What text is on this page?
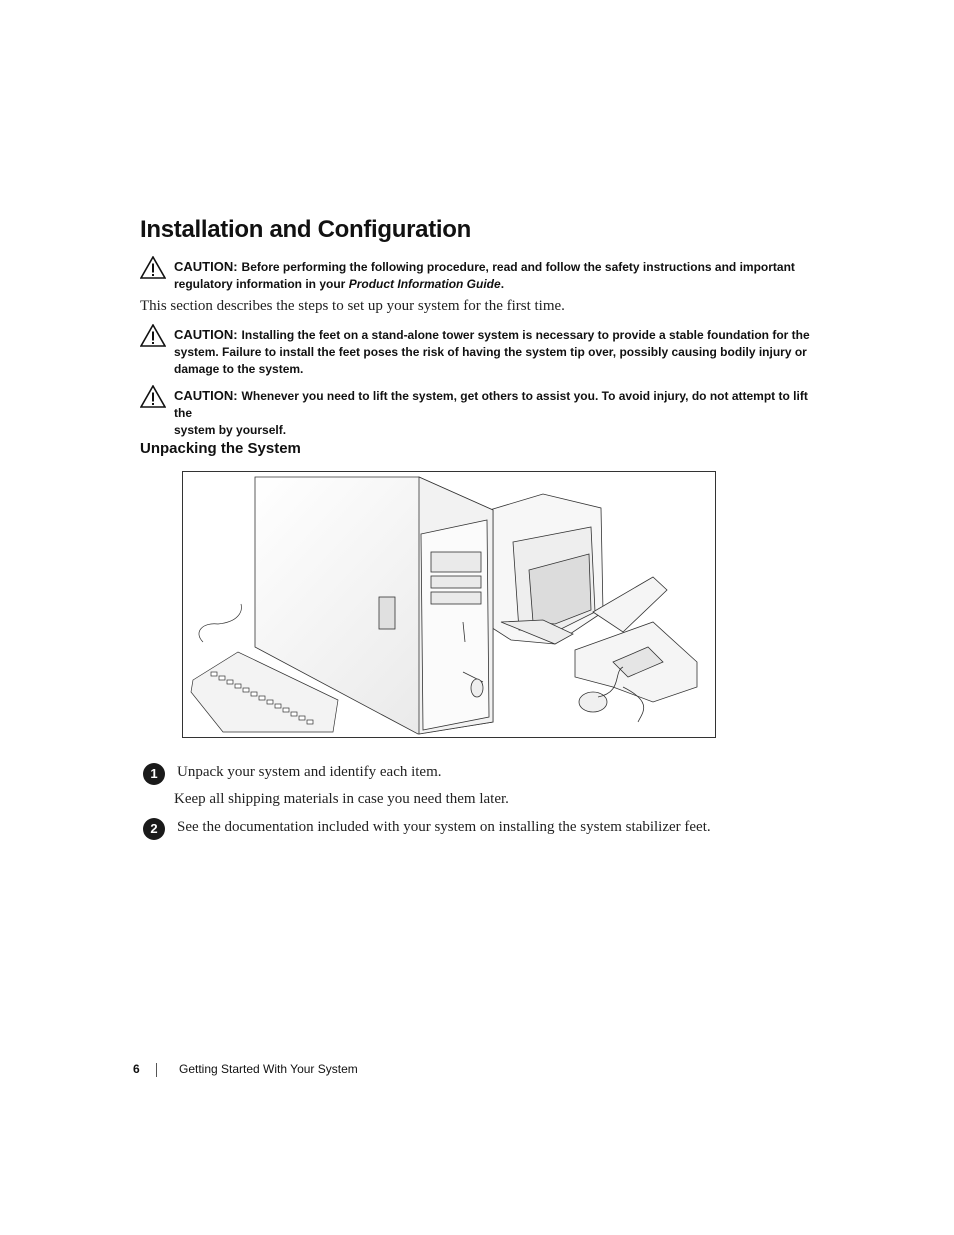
Installation and Configuration
CAUTION: Before performing the following procedure, read and follow the safety instructions and important
regulatory information in your Product Information Guide.
This section describes the steps to set up your system for the first time.
CAUTION: Installing the feet on a stand-alone tower system is necessary to provide a stable foundation for the
system. Failure to install the feet poses the risk of having the system tip over, possibly causing bodily injury or
damage to the system.
CAUTION: Whenever you need to lift the system, get others to assist you. To avoid injury, do not attempt to lift the
system by yourself.
Unpacking the System
1	Unpack your system and identify each item.
Keep all shipping materials in case you need them later.
2	See the documentation included with your system on installing the system stabilizer feet.
6	Getting Started With Your System
